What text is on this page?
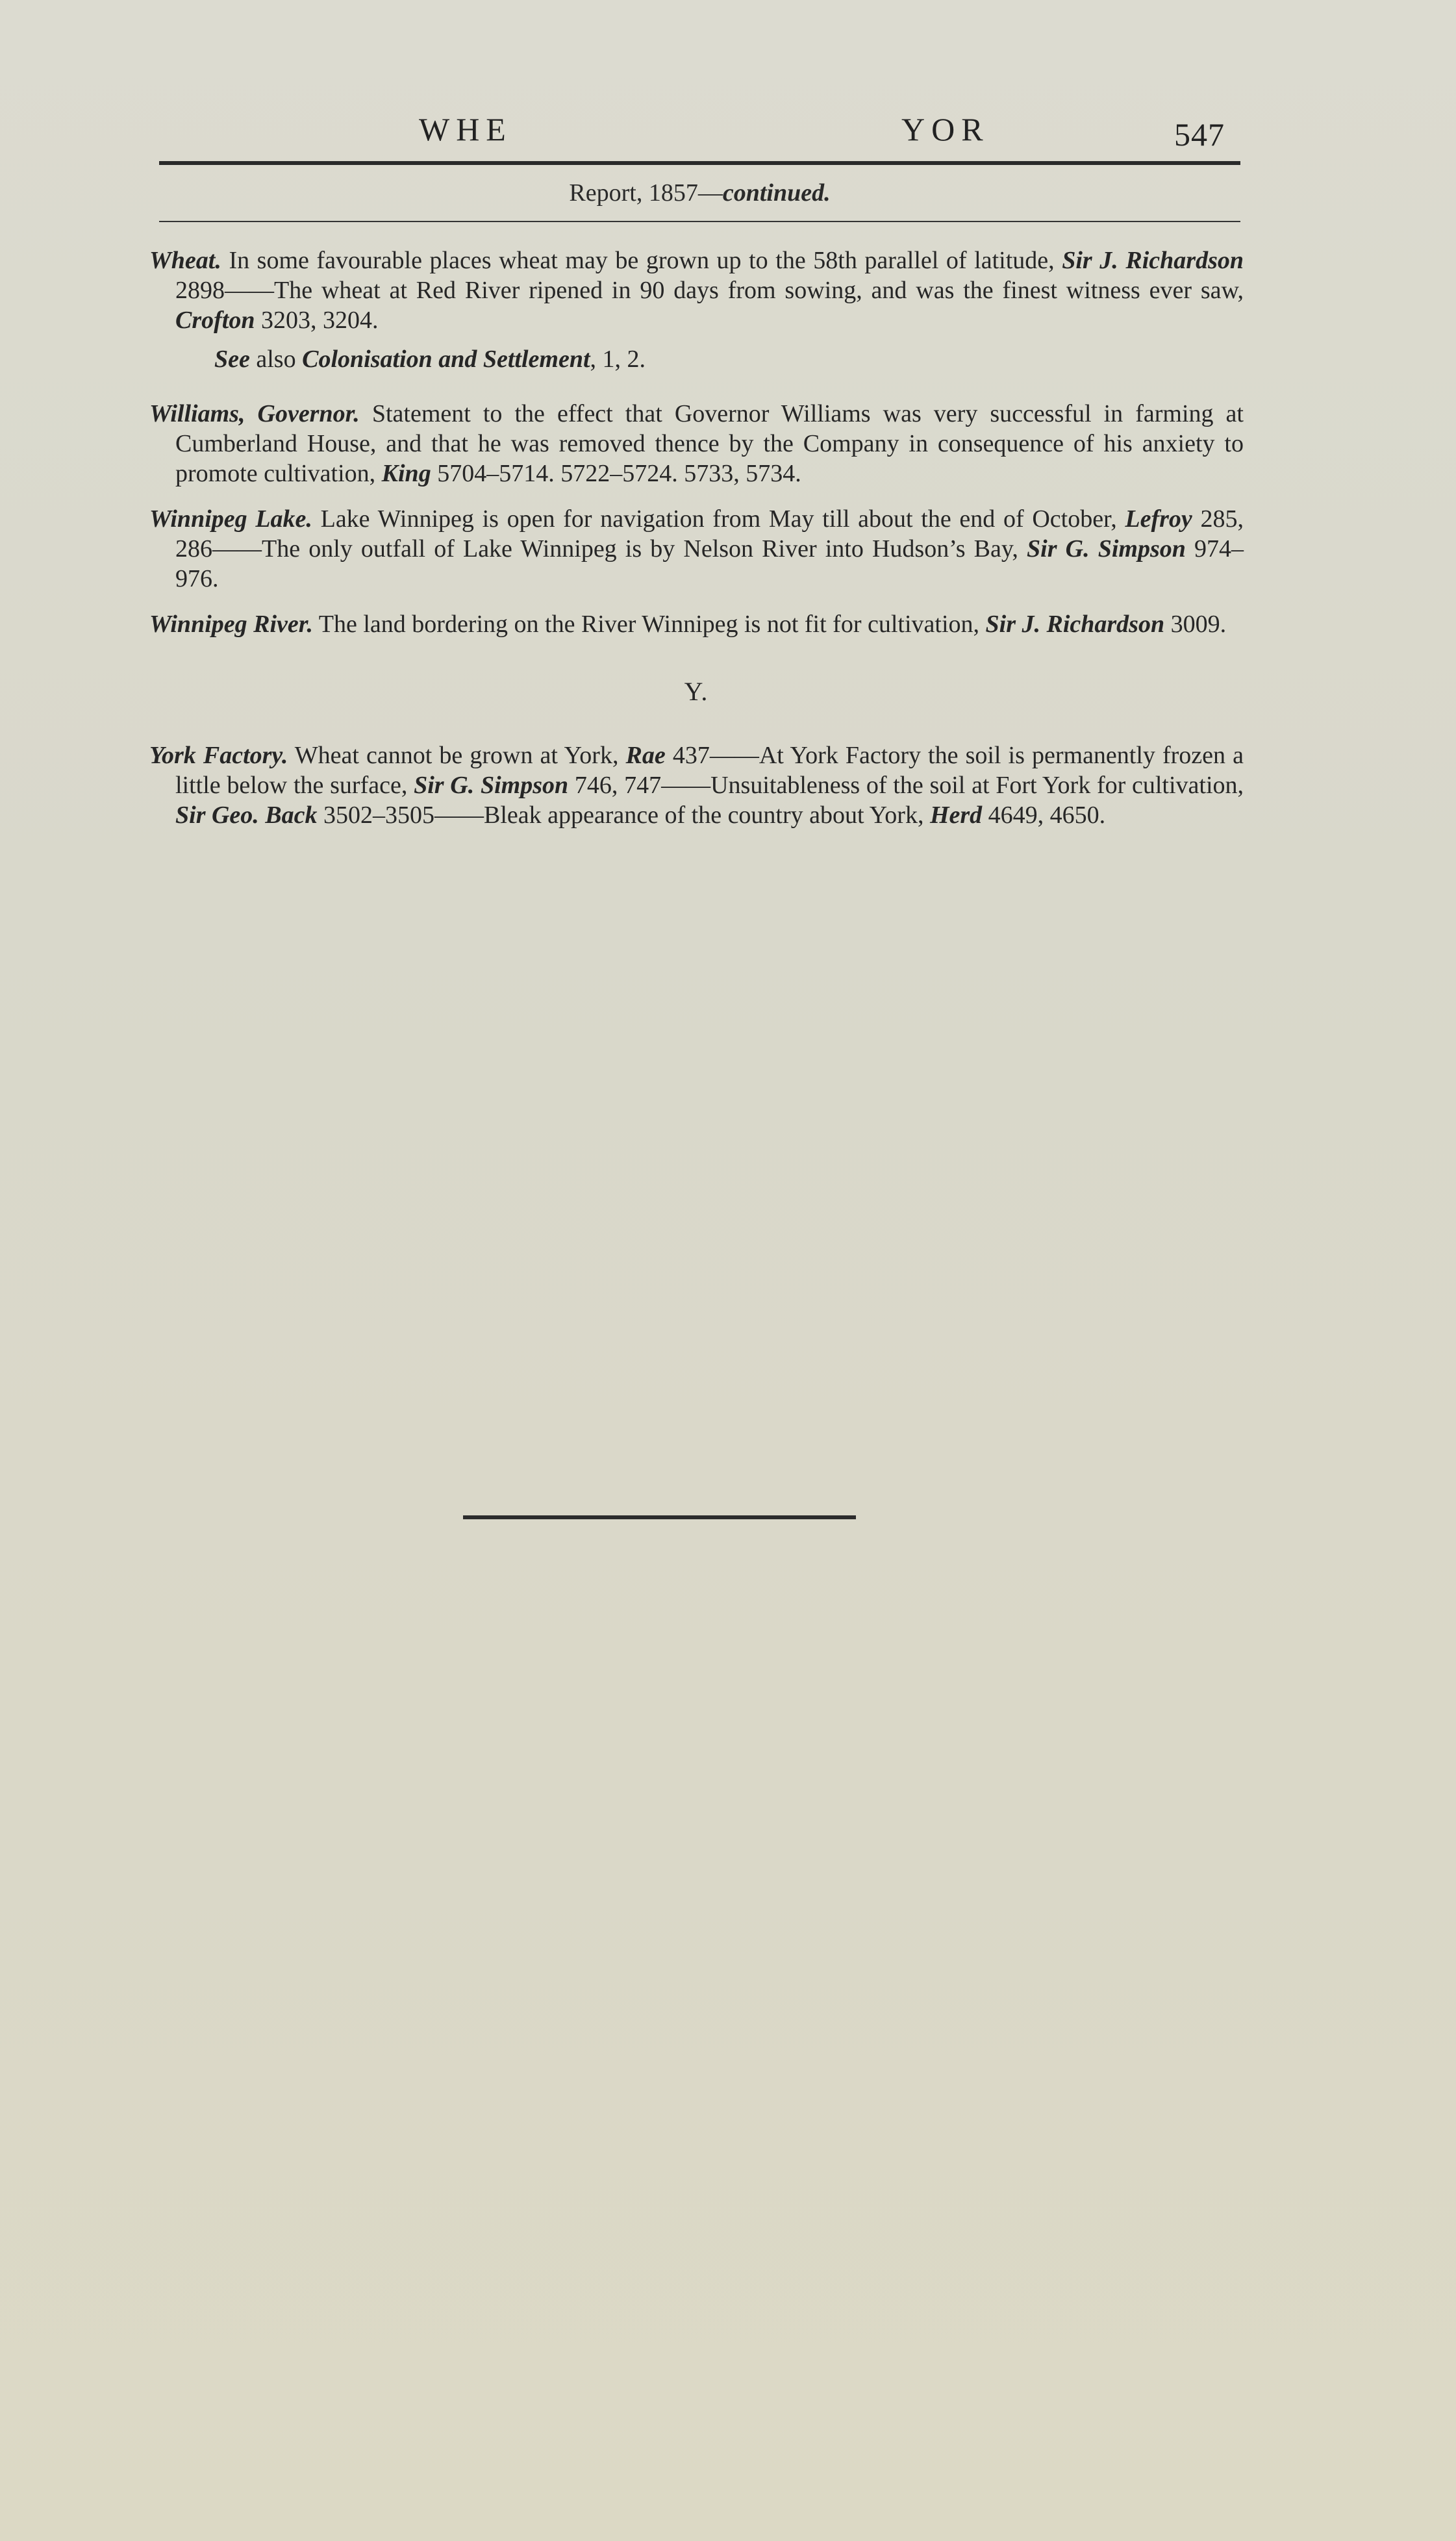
WHE	YOR	547
Report, 1857—continued.

Wheat. In some favourable places wheat may be grown up to the 58th parallel of latitude, Sir J. Richardson 2898——The wheat at Red River ripened in 90 days from sowing, and was the finest witness ever saw, Crofton 3203, 3204.

See also Colonisation and Settlement, 1, 2.

Williams, Governor. Statement to the effect that Governor Williams was very successful in farming at Cumberland House, and that he was removed thence by the Company in consequence of his anxiety to promote cultivation, King 5704–5714. 5722–5724. 5733, 5734.

Winnipeg Lake. Lake Winnipeg is open for navigation from May till about the end of October, Lefroy 285, 286——The only outfall of Lake Winnipeg is by Nelson River into Hudson’s Bay, Sir G. Simpson 974–976.

Winnipeg River. The land bordering on the River Winnipeg is not fit for cultivation, Sir J. Richardson 3009.

Y.

York Factory. Wheat cannot be grown at York, Rae 437——At York Factory the soil is permanently frozen a little below the surface, Sir G. Simpson 746, 747——Unsuitableness of the soil at Fort York for cultivation, Sir Geo. Back 3502–3505——Bleak appearance of the country about York, Herd 4649, 4650.
